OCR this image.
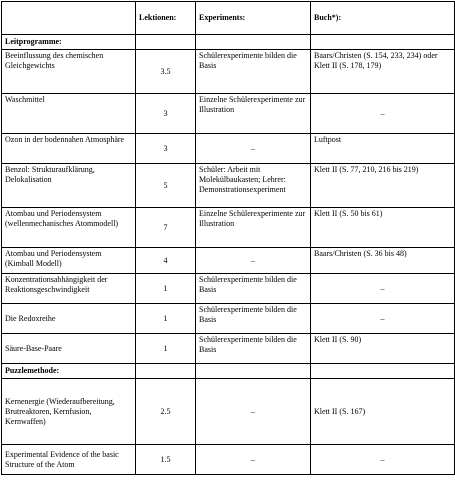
	Lektionen:	Experiments:	Buch*):
Leitprogramme:			
Beeinflussung des chemischen Gleichgewichts	3.5	Schülerexperimente bilden die Basis	Baars/Christen (S. 154, 233, 234) oder Klett II (S. 178, 179)
Waschmittel	3	Einzelne Schülerexperimente zur Illustration	–
Ozon in der bodennahen Atmosphäre	3	–	Luftpost
Benzol: Strukturaufklärung, Delokalisation	5	Schüler: Arbeit mit Molekülbaukasten; Lehrer: Demonstrationsexperiment	Klett II (S. 77, 210, 216 bis 219)
Atombau und Periodensystem (wellenmechanisches Atommodell)	7	Einzelne Schülerexperimente zur Illustration	Klett II (S. 50 bis 61)
Atombau und Periodensystem (Kimball Modell)	4	–	Baars/Christen (S. 36 bis 48)
Konzentrationsabhängigkeit der Reaktionsgeschwindigkeit	1	Schülerexperimente bilden die Basis	–
Die Redoxreihe	1	Schülerexperimente bilden die Basis	–
Säure-Base-Paare	1	Schülerexperimente bilden die Basis	Klett II (S. 90)
Puzzlemethode:			
Kernenergie (Wiederaufbereitung, Brutreaktoren, Kernfusion, Kernwaffen)	2.5	–	Klett II (S. 167)
Experimental Evidence of the basic Structure of the Atom	1.5	–	–
